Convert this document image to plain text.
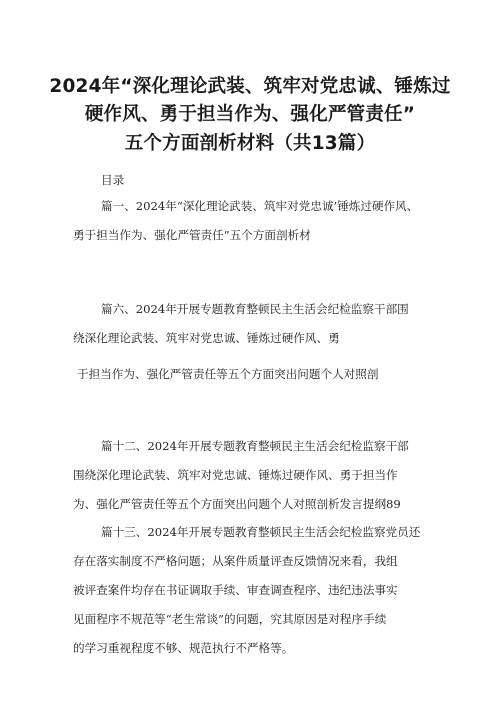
2024年“深化理论武装、筑牢对党忠诚、锤炼过
硬作风、勇于担当作为、强化严管责任”
五个方面剖析材料（共13篇）
目录
篇一、2024年“深化理论武装、筑牢对党忠诚’锤炼过硬作风、
勇于担当作为、强化严管责任”五个方面剖析材
篇六、2024年开展专题教育整顿民主生活会纪检监察干部围
绕深化理论武装、筑牢对党忠诚、锤炼过硬作风、勇
于担当作为、强化严管责任等五个方面突出问题个人对照剖
篇十二、2024年开展专题教育整顿民主生活会纪检监察干部
围绕深化理论武装、筑牢对党忠诚、锤炼过硬作风、勇于担当作
为、强化严管责任等五个方面突出问题个人对照剖析发言提纲89
篇十三、2024年开展专题教育整顿民主生活会纪检监察党员还
存在落实制度不严格问题；从案件质量评查反馈情况来看，我组
被评查案件均存在书证调取手续、审查调查程序、违纪违法事实
见面程序不规范等“老生常谈”的问题，究其原因是对程序手续
的学习重视程度不够、规范执行不严格等。
